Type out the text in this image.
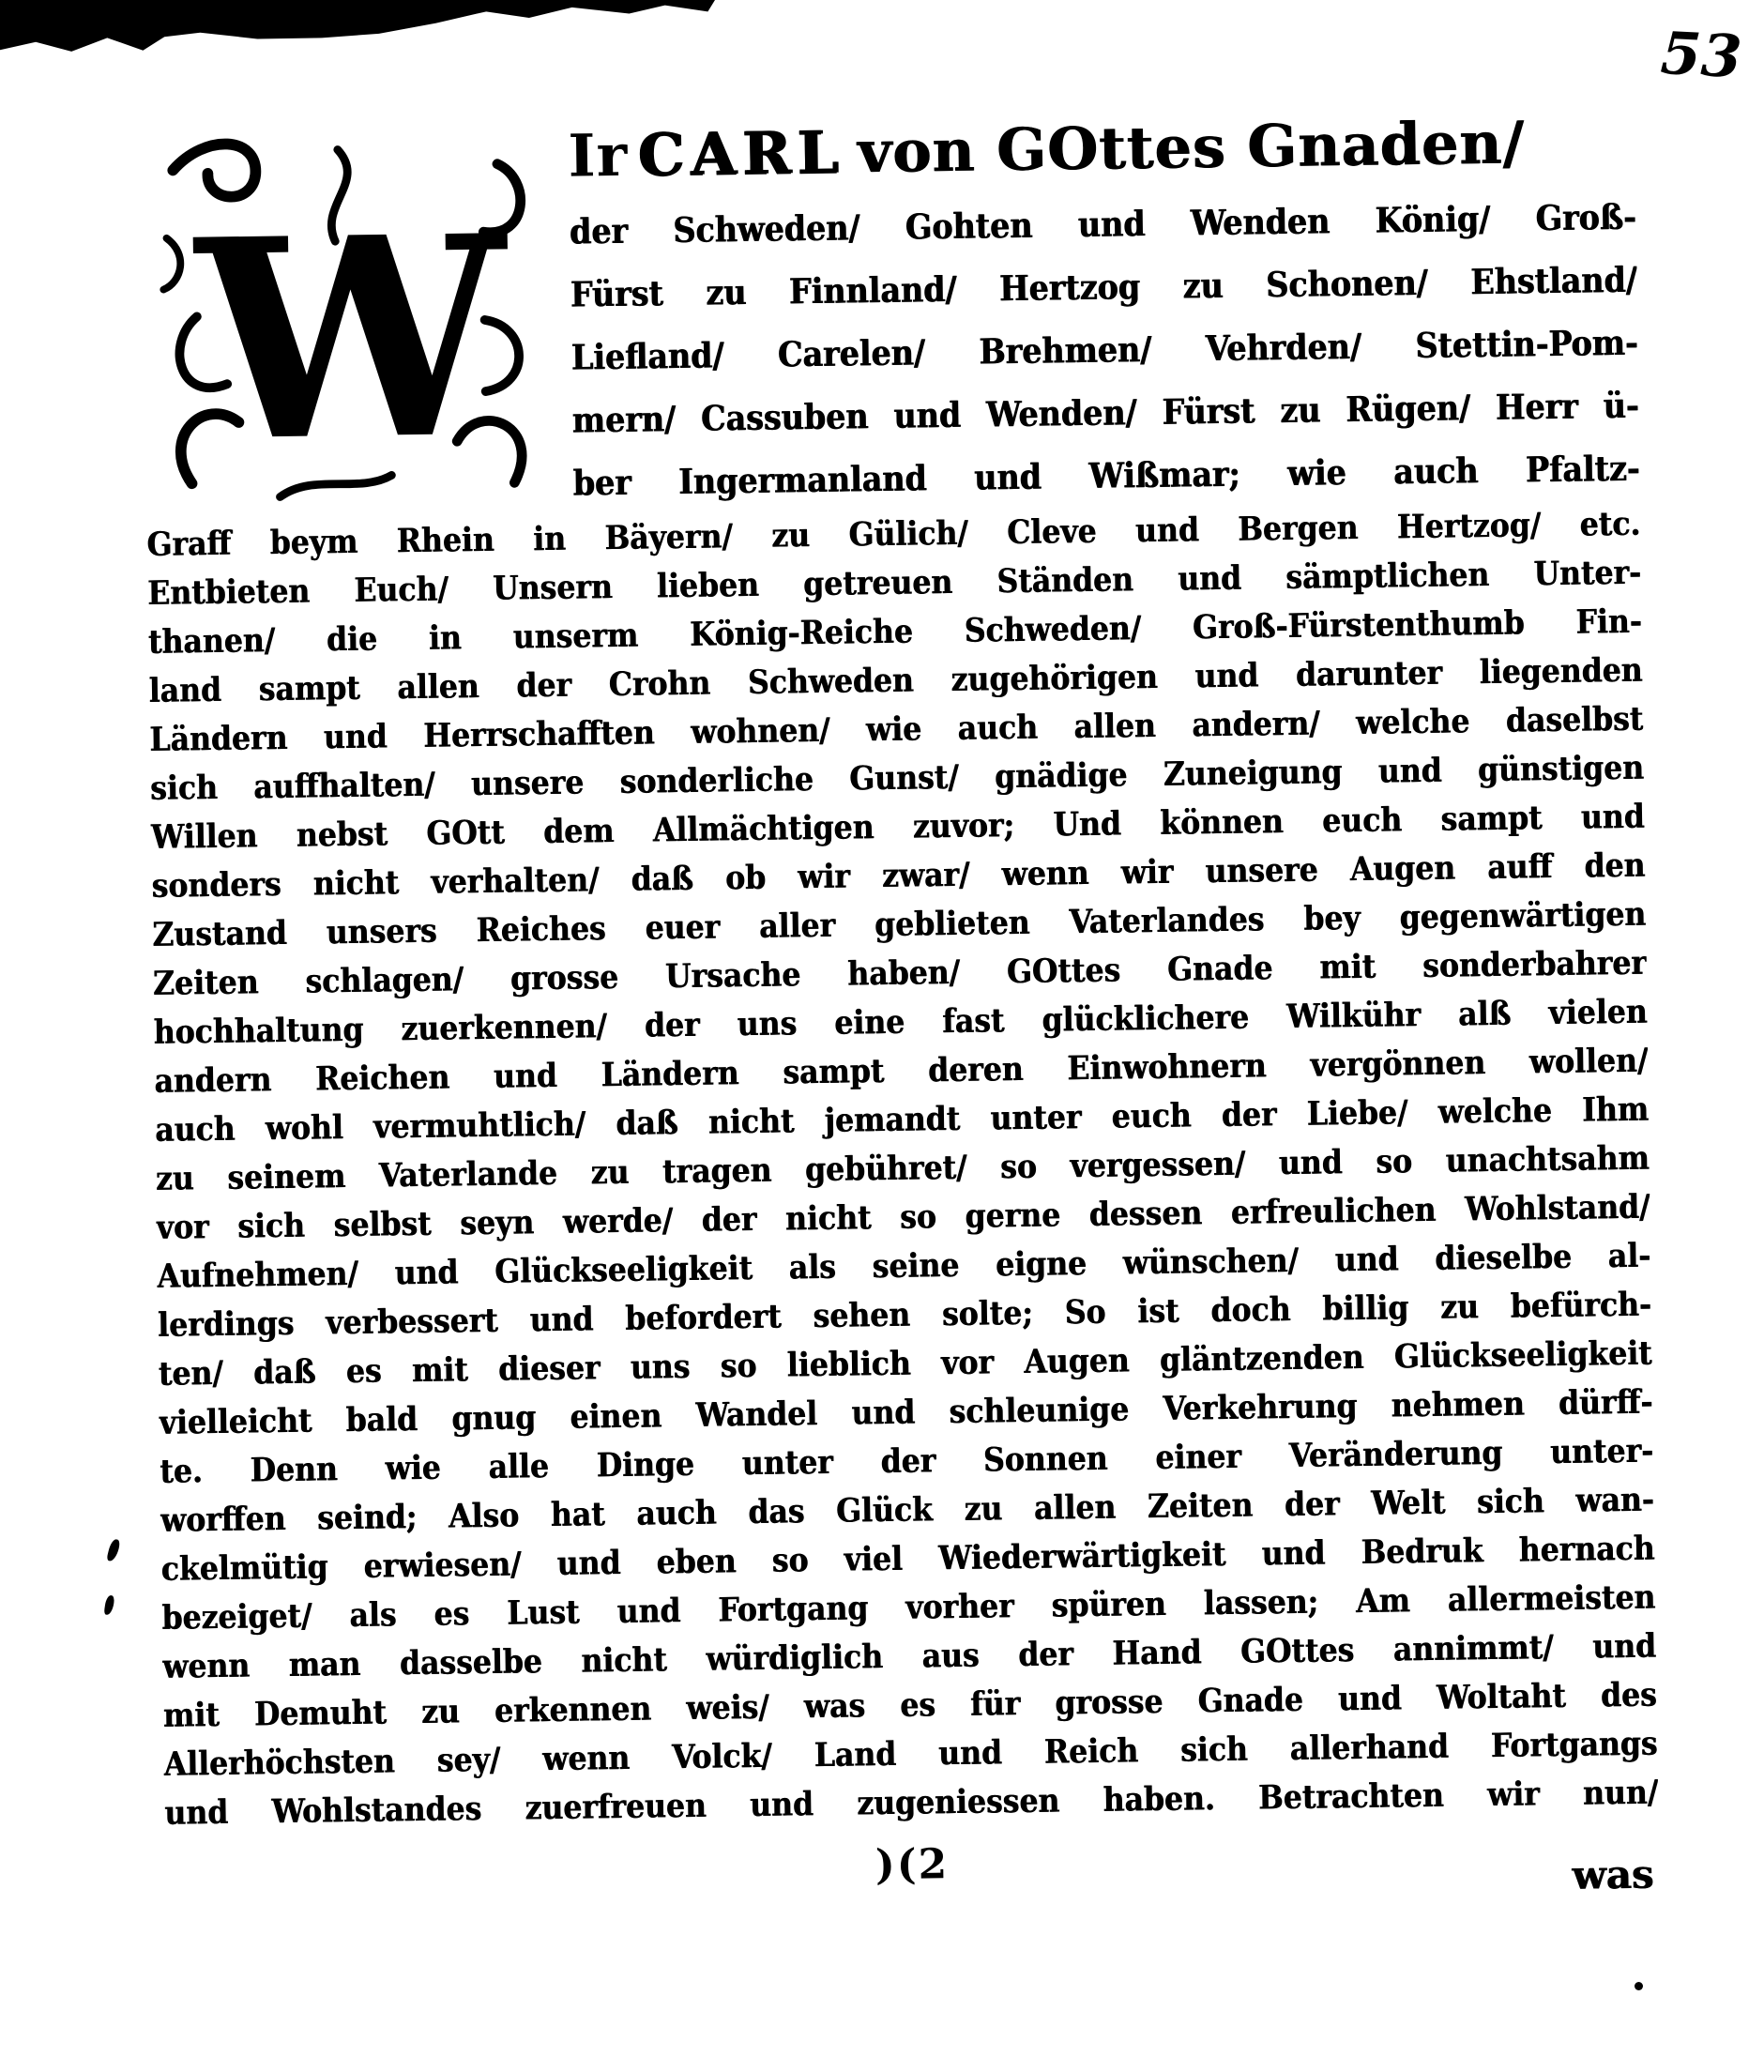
53
W
Ir CARL von GOttes Gnaden/
der Schweden/ Gohten und Wenden König/ Groß-
Fürst zu Finnland/ Hertzog zu Schonen/ Ehstland/
Liefland/ Carelen/ Brehmen/ Vehrden/ Stettin-Pom-
mern/ Cassuben und Wenden/ Fürst zu Rügen/ Herr ü-
ber Ingermanland und Wißmar; wie auch Pfaltz-
Graff beym Rhein in Bäyern/ zu Gülich/ Cleve und Bergen Hertzog/ etc.
Entbieten Euch/ Unsern lieben getreuen Ständen und sämptlichen Unter-
thanen/ die in unserm König-Reiche Schweden/ Groß-Fürstenthumb Fin-
land sampt allen der Crohn Schweden zugehörigen und darunter liegenden
Ländern und Herrschafften wohnen/ wie auch allen andern/ welche daselbst
sich auffhalten/ unsere sonderliche Gunst/ gnädige Zuneigung und günstigen
Willen nebst GOtt dem Allmächtigen zuvor; Und können euch sampt und
sonders nicht verhalten/ daß ob wir zwar/ wenn wir unsere Augen auff den
Zustand unsers Reiches euer aller geblieten Vaterlandes bey gegenwärtigen
Zeiten schlagen/ grosse Ursache haben/ GOttes Gnade mit sonderbahrer
hochhaltung zuerkennen/ der uns eine fast glücklichere Wilkühr alß vielen
andern Reichen und Ländern sampt deren Einwohnern vergönnen wollen/
auch wohl vermuhtlich/ daß nicht jemandt unter euch der Liebe/ welche Ihm
zu seinem Vaterlande zu tragen gebühret/ so vergessen/ und so unachtsahm
vor sich selbst seyn werde/ der nicht so gerne dessen erfreulichen Wohlstand/
Aufnehmen/ und Glückseeligkeit als seine eigne wünschen/ und dieselbe al-
lerdings verbessert und befordert sehen solte; So ist doch billig zu befürch-
ten/ daß es mit dieser uns so lieblich vor Augen gläntzenden Glückseeligkeit
vielleicht bald gnug einen Wandel und schleunige Verkehrung nehmen dürff-
te. Denn wie alle Dinge unter der Sonnen einer Veränderung unter-
worffen seind; Also hat auch das Glück zu allen Zeiten der Welt sich wan-
ckelmütig erwiesen/ und eben so viel Wiederwärtigkeit und Bedruk hernach
bezeiget/ als es Lust und Fortgang vorher spüren lassen; Am allermeisten
wenn man dasselbe nicht würdiglich aus der Hand GOttes annimmt/ und
mit Demuht zu erkennen weis/ was es für grosse Gnade und Woltaht des
Allerhöchsten sey/ wenn Volck/ Land und Reich sich allerhand Fortgangs
und Wohlstandes zuerfreuen und zugeniessen haben. Betrachten wir nun/
)(2	was
